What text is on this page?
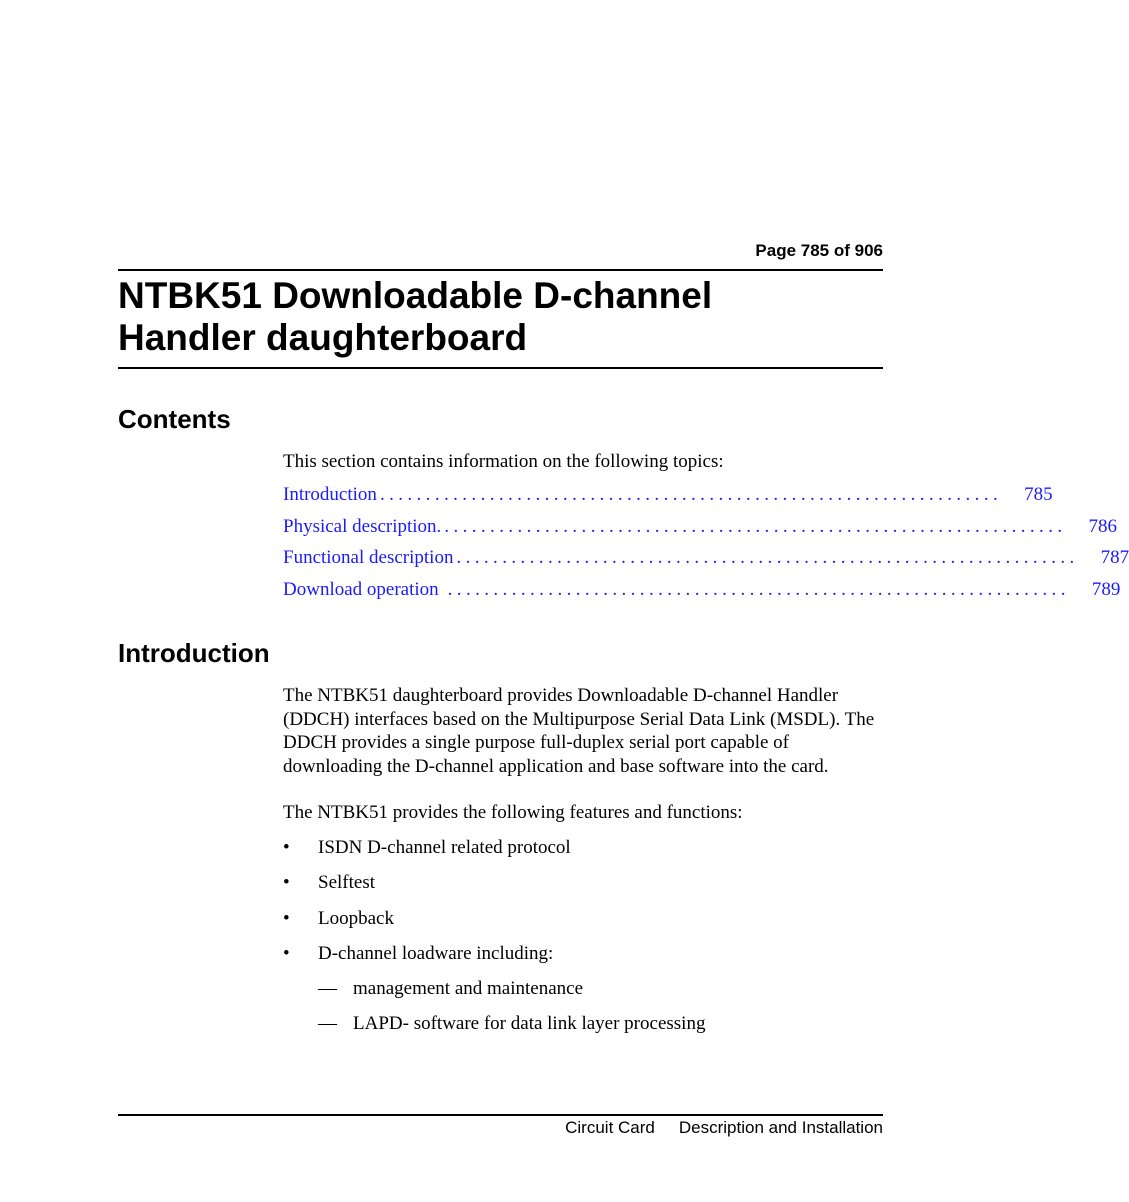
Page 785 of 906
NTBK51 Downloadable D-channel
Handler daughterboard
Contents

This section contains information on the following topics:

Introduction .................................................................... 785
Physical description. .................................................................... 786
Functional description .................................................................... 787
Download operation .................................................................... 789
Introduction

The NTBK51 daughterboard provides Downloadable D-channel Handler (DDCH) interfaces based on the Multipurpose Serial Data Link (MSDL). The DDCH provides a single purpose full-duplex serial port capable of downloading the D-channel application and base software into the card.

The NTBK51 provides the following features and functions:

•	ISDN D-channel related protocol
•	Selftest
•	Loopback
•	D-channel loadware including:
— management and maintenance
— LAPD- software for data link layer processing
Circuit Card Description and Installation
